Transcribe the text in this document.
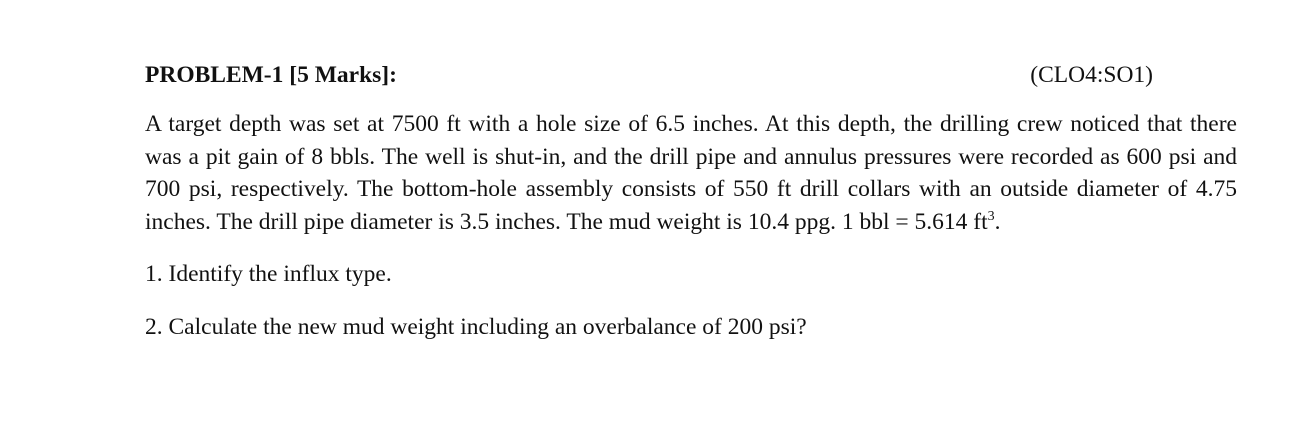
PROBLEM-1 [5 Marks]:	(CLO4:SO1)
A target depth was set at 7500 ft with a hole size of 6.5 inches. At this depth, the drilling crew noticed that there was a pit gain of 8 bbls. The well is shut-in, and the drill pipe and annulus pressures were recorded as 600 psi and 700 psi, respectively. The bottom-hole assembly consists of 550 ft drill collars with an outside diameter of 4.75 inches. The drill pipe diameter is 3.5 inches. The mud weight is 10.4 ppg. 1 bbl = 5.614 $ft^3$.
1. Identify the influx type.
2. Calculate the new mud weight including an overbalance of 200 psi?
